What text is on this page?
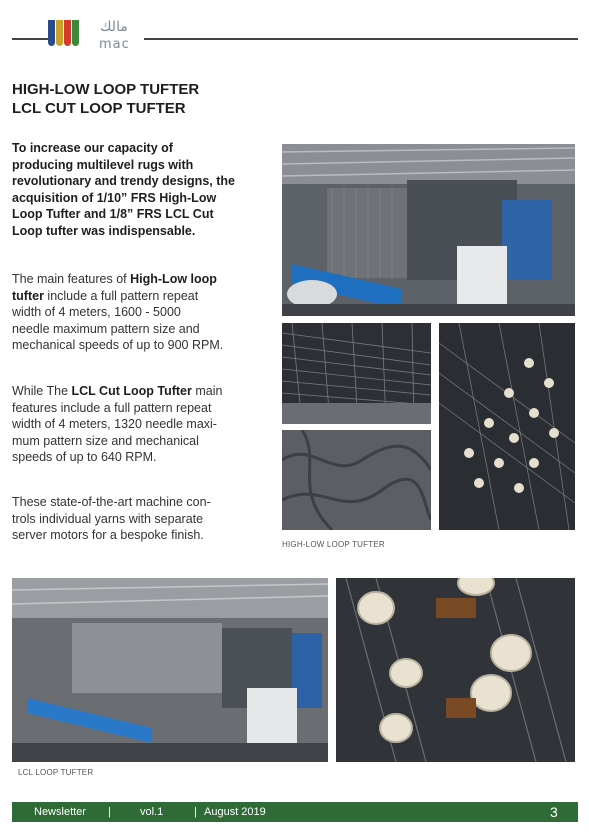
مالك
mac
HIGH-LOW LOOP TUFTER
LCL CUT LOOP TUFTER
To increase our capacity of
producing multilevel rugs with
revolutionary and trendy designs, the
acquisition of 1/10” FRS High-Low
Loop Tufter and 1/8” FRS LCL Cut
Loop tufter was indispensable.
The main features of High-Low loop
tufter include a full pattern repeat
width of 4 meters, 1600 - 5000
needle maximum pattern size and
mechanical speeds of up to 900 RPM.
While The LCL Cut Loop Tufter main
features include a full pattern repeat
width of 4 meters, 1320 needle maxi-
mum pattern size and mechanical
speeds of up to 640 RPM.
These state-of-the-art machine con-
trols individual yarns with separate
server motors for a bespoke finish.
HIGH-LOW LOOP TUFTER
LCL LOOP TUFTER
Newsletter |	vol.1	| August 2019	3
